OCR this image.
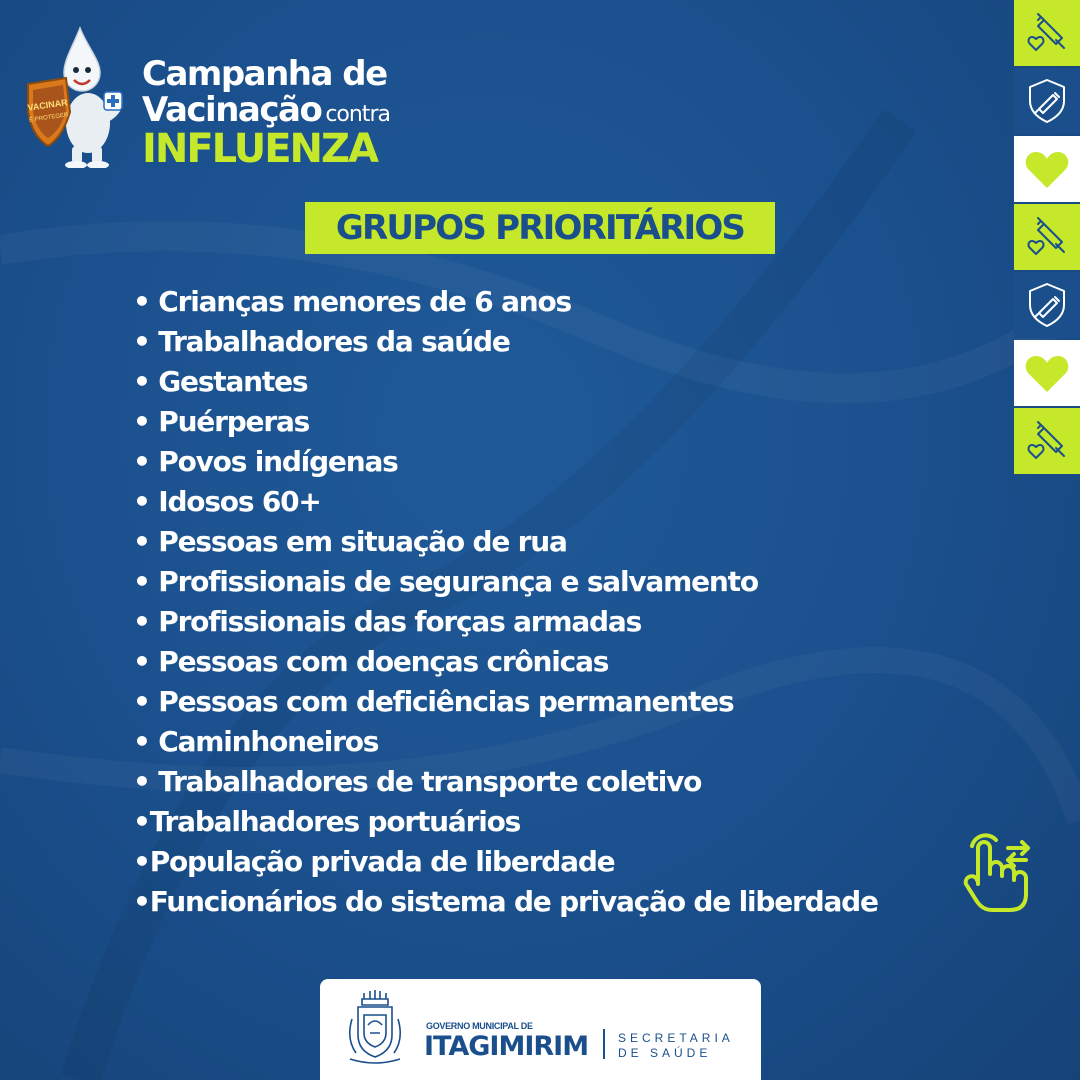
VACINAR
É PROTEGER

Campanha de

Vacinação contra

INFLUENZA

GRUPOS PRIORITÁRIOS
• Crianças menores de 6 anos
• Trabalhadores da saúde
• Gestantes
• Puérperas
• Povos indígenas
• Idosos 60+
• Pessoas em situação de rua
• Profissionais de segurança e salvamento
• Profissionais das forças armadas
• Pessoas com doenças crônicas
• Pessoas com deficiências permanentes
• Caminhoneiros
• Trabalhadores de transporte coletivo
•Trabalhadores portuários
•População privada de liberdade
•Funcionários do sistema de privação de liberdade
GOVERNO MUNICIPAL DE
ITAGIMIRIM SECRETARIA
DE SAÚDE
